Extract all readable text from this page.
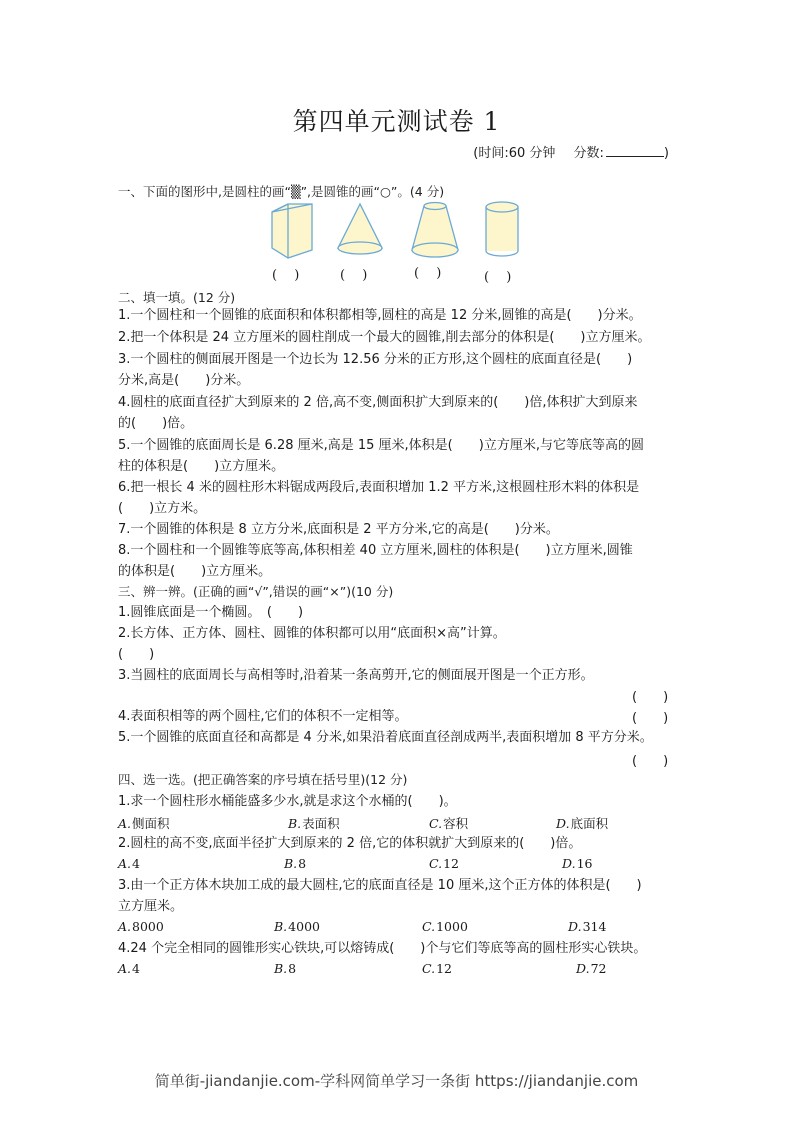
第四单元测试卷 1
(时间:60 分钟 分数:	)
一、下面的图形中,是圆柱的画“▒”,是圆锥的画“○”。(4 分)
(　 )	(　 )	(　 )	(　 )
二、填一填。(12 分)
1.一个圆柱和一个圆锥的底面积和体积都相等,圆柱的高是 12 分米,圆锥的高是(　　)分米。
2.把一个体积是 24 立方厘米的圆柱削成一个最大的圆锥,削去部分的体积是(　　)立方厘米。
3.一个圆柱的侧面展开图是一个边长为 12.56 分米的正方形,这个圆柱的底面直径是(　　)
分米,高是(　　)分米。
4.圆柱的底面直径扩大到原来的 2 倍,高不变,侧面积扩大到原来的(　　)倍,体积扩大到原来
的(　　)倍。
5.一个圆锥的底面周长是 6.28 厘米,高是 15 厘米,体积是(　　)立方厘米,与它等底等高的圆
柱的体积是(　　)立方厘米。
6.把一根长 4 米的圆柱形木料锯成两段后,表面积增加 1.2 平方米,这根圆柱形木料的体积是
(　　)立方米。
7.一个圆锥的体积是 8 立方分米,底面积是 2 平方分米,它的高是(　　)分米。
8.一个圆柱和一个圆锥等底等高,体积相差 40 立方厘米,圆柱的体积是(　　)立方厘米,圆锥
的体积是(　　)立方厘米。
三、辨一辨。(正确的画“√”,错误的画“×”)(10 分)
1.圆锥底面是一个椭圆。　(　　)
2.长方体、正方体、圆柱、圆锥的体积都可以用“底面积×高”计算。
(　　)
3.当圆柱的底面周长与高相等时,沿着某一条高剪开,它的侧面展开图是一个正方形。
(　　)
4.表面积相等的两个圆柱,它们的体积不一定相等。	(　　)
5.一个圆锥的底面直径和高都是 4 分米,如果沿着底面直径剖成两半,表面积增加 8 平方分米。
(　　)
四、选一选。(把正确答案的序号填在括号里)(12 分)
1.求一个圆柱形水桶能盛多少水,就是求这个水桶的(　　)。
A.侧面积	B.表面积	C.容积	D.底面积
2.圆柱的高不变,底面半径扩大到原来的 2 倍,它的体积就扩大到原来的(　　)倍。
A.4	B.8	C.12	D.16
3.由一个正方体木块加工成的最大圆柱,它的底面直径是 10 厘米,这个正方体的体积是(　　)
立方厘米。
A.8000	B.4000	C.1000	D.314
4.24 个完全相同的圆锥形实心铁块,可以熔铸成(　　)个与它们等底等高的圆柱形实心铁块。
A.4	B.8	C.12	D.72
简单街-jiandanjie.com-学科网简单学习一条街 https://jiandanjie.com
